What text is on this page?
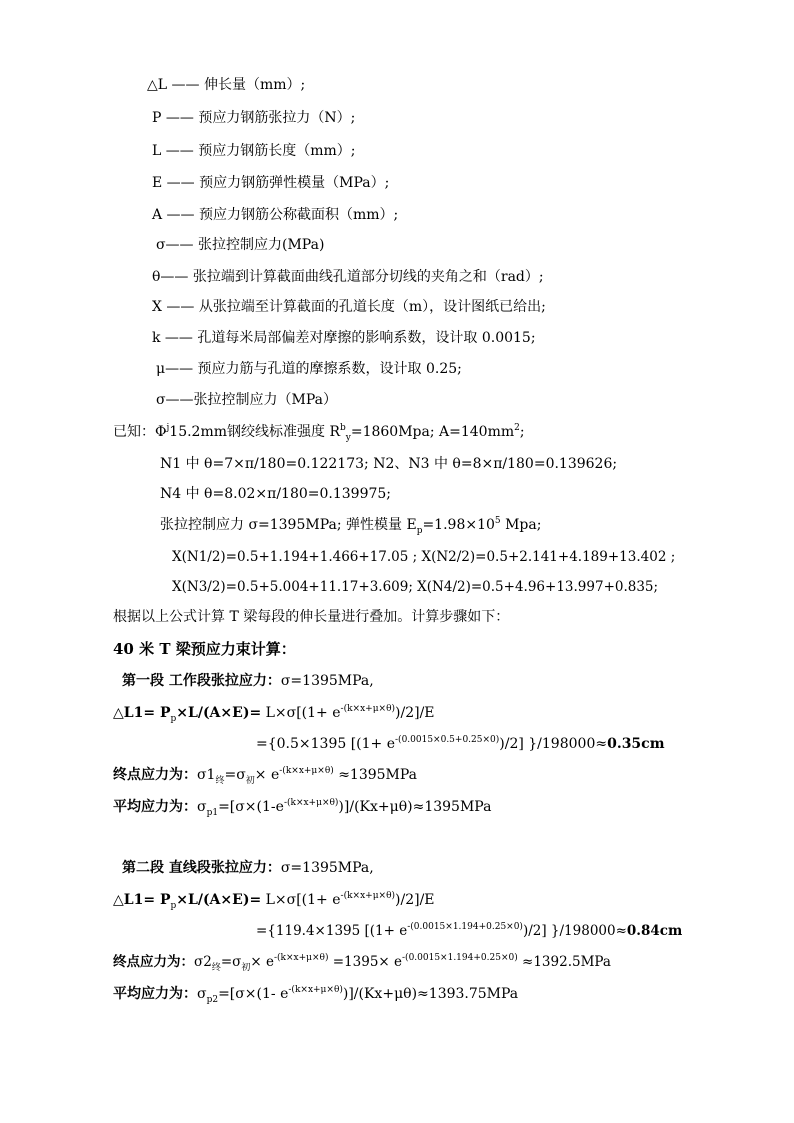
△L —— 伸长量（mm）;
P —— 预应力钢筋张拉力（N）;
L —— 预应力钢筋长度（mm）;
E —— 预应力钢筋弹性模量（MPa）;
A —— 预应力钢筋公称截面积（mm）;
σ—— 张拉控制应力(MPa)
θ—— 张拉端到计算截面曲线孔道部分切线的夹角之和（rad）;
X —— 从张拉端至计算截面的孔道长度（m），设计图纸已给出;
k —— 孔道每米局部偏差对摩擦的影响系数，设计取 0.0015;
μ—— 预应力筋与孔道的摩擦系数，设计取 0.25;
σ——张拉控制应力（MPa）
已知：$\Phi^j15.2mm$钢绞线标准强度 $R^b_y=1860Mpa$; $A=140mm^2$;
N1 中 θ=7×π/180=0.122173; N2、N3 中 θ=8×π/180=0.139626;
N4 中 θ=8.02×π/180=0.139975;
张拉控制应力 σ=1395MPa; 弹性模量 $E_p=1.98\times 10^5$ Mpa;
X(N1/2)=0.5+1.194+1.466+17.05 ; X(N2/2)=0.5+2.141+4.189+13.402 ;
X(N3/2)=0.5+5.004+11.17+3.609; X(N4/2)=0.5+4.96+13.997+0.835;
根据以上公式计算 T 梁每段的伸长量进行叠加。计算步骤如下：
40 米 T 梁预应力束计算：
第一段 工作段张拉应力：σ=1395MPa,
△L1= $P_p\times L/(A\times E)= L\times\sigma[(1+ e^{-(k\times x+\mu\times\theta)})/2]/E$
={0.5×1395 $[(1+ e^{-(0.0015\times 0.5+0.25\times 0)})/2]$ }/198000≈0.35cm
终点应力为：$\sigma 1_终=\sigma_初\times e^{-(k\times x+\mu\times\theta)} \approx 1395MPa$
平均应力为：$\sigma_{p1}=[\sigma\times(1-e^{-(k\times x+\mu\times\theta)})]/(Kx+\mu\theta)\approx 1395MPa$
第二段 直线段张拉应力：σ=1395MPa,
△L1= $P_p\times L/(A\times E)= L\times\sigma[(1+ e^{-(k\times x+\mu\times\theta)})/2]/E$
={119.4×1395 $[(1+ e^{-(0.0015\times 1.194+0.25\times 0)})/2]$ }/198000≈0.84cm
终点应力为：$\sigma 2_终=\sigma_初\times e^{-(k\times x+\mu\times\theta)} =1395\times e^{-(0.0015\times 1.194+0.25\times 0)} \approx 1392.5MPa$
平均应力为：$\sigma_{p2}=[\sigma\times(1-$ $e^{-(k\times x+\mu\times\theta)})]/(Kx+\mu\theta)\approx 1393.75MPa$
